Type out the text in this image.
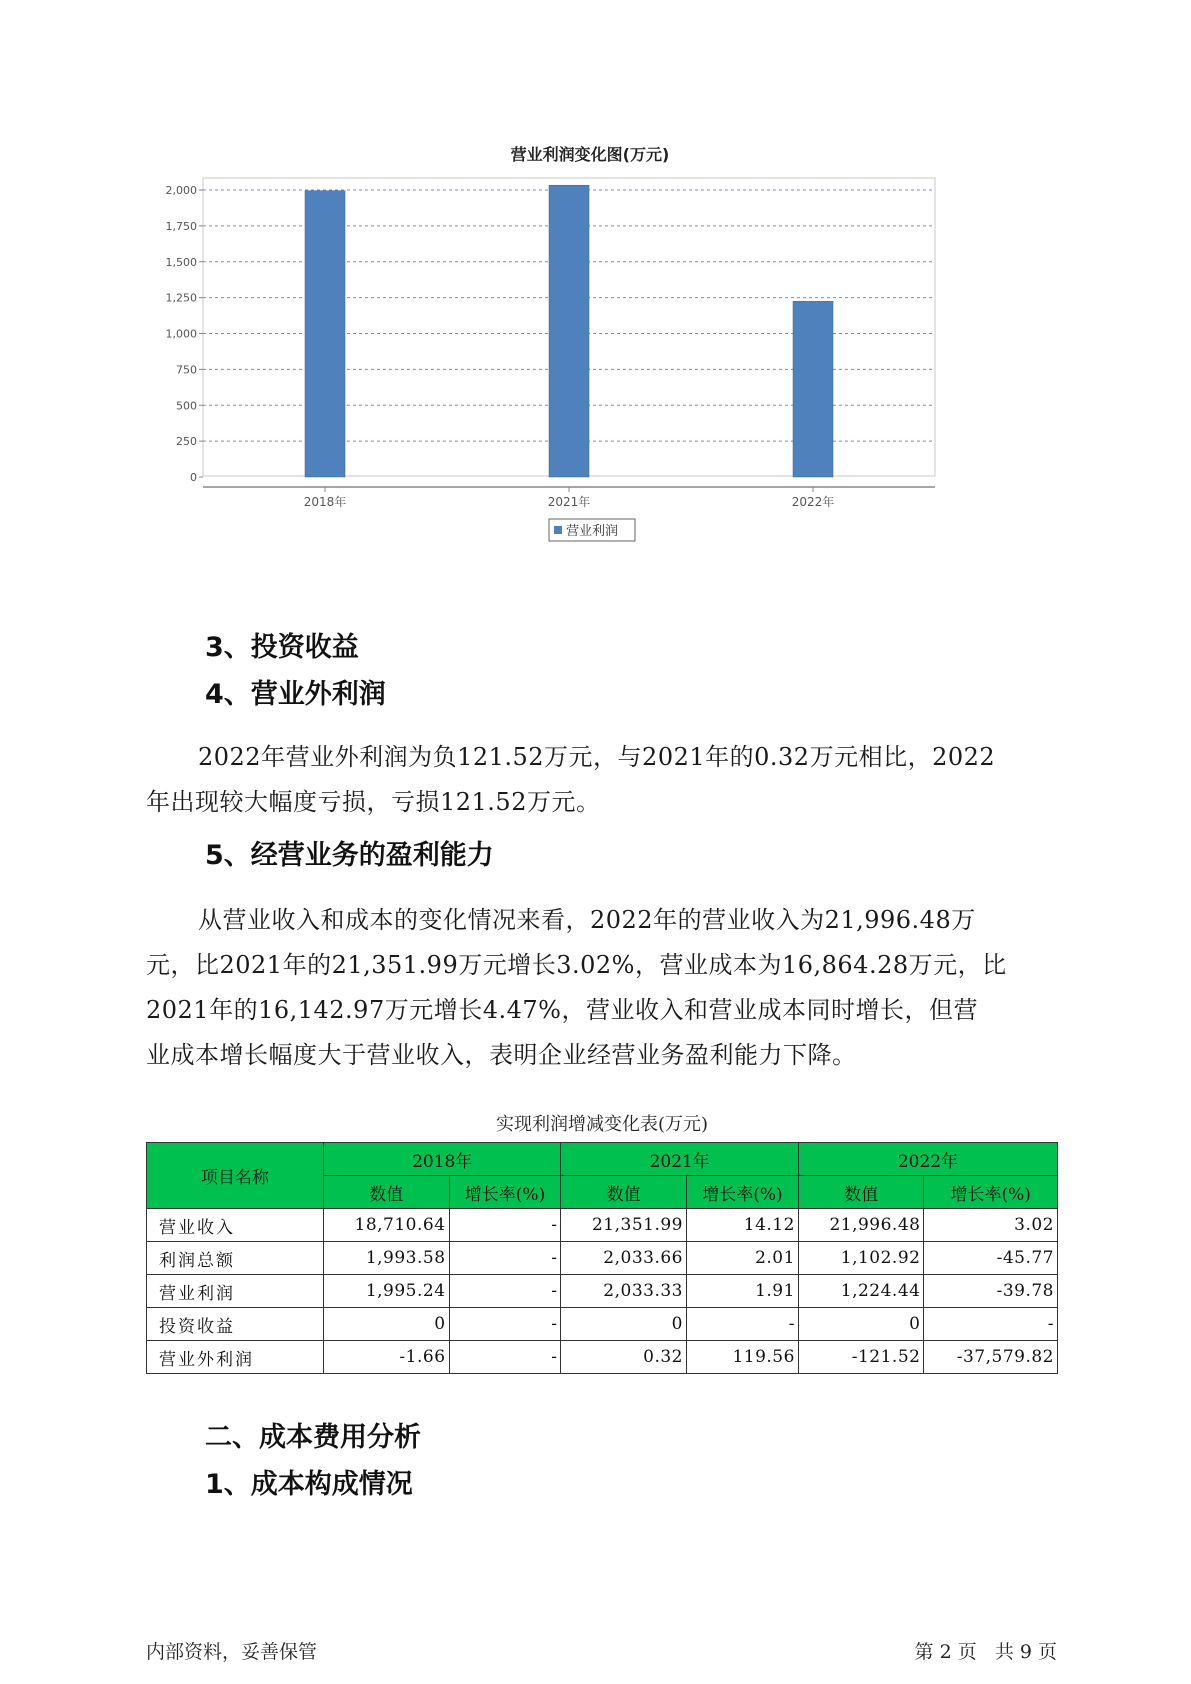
营业利润变化图(万元)
0
250
500
750
1,000
1,250
1,500
1,750
2,000
2018年	2021年	2022年
营业利润
3、投资收益
4、营业外利润
2022年营业外利润为负121.52万元，与2021年的0.32万元相比，2022
年出现较大幅度亏损，亏损121.52万元。
5、经营业务的盈利能力
从营业收入和成本的变化情况来看，2022年的营业收入为21,996.48万
元，比2021年的21,351.99万元增长3.02%，营业成本为16,864.28万元，比
2021年的16,142.97万元增长4.47%，营业收入和营业成本同时增长，但营
业成本增长幅度大于营业收入，表明企业经营业务盈利能力下降。
实现利润增减变化表(万元)
项目名称	2018年		2021年		2022年	
	数值	增长率(%)	数值	增长率(%)	数值	增长率(%)
营业收入	18,710.64	-	21,351.99	14.12	21,996.48	3.02
利润总额	1,993.58	-	2,033.66	2.01	1,102.92	-45.77
营业利润	1,995.24	-	2,033.33	1.91	1,224.44	-39.78
投资收益	0	-	0	-	0	-
营业外利润	-1.66	-	0.32	119.56	-121.52	-37,579.82
二、成本费用分析
1、成本构成情况
内部资料，妥善保管	第 2 页   共 9 页
